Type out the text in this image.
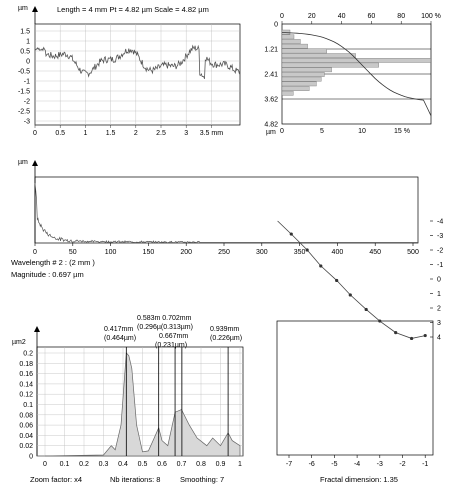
1.5
1
0.5
0
-0.5
-1
-1.5
-2
-2.5
-3
0	0.5	1	1.5	2	2.5	3 3.5 mm
0	20	40	60	80 100 %
0
1.21
2.41
3.62
4.82
0	5	10	15 %
0	50	100	150	200	250	300	350	400	450	500
0.2
0.18
0.16
0.14
0.12
0.1
0.08
0.06
0.04
0.02
0
0 0.1 0.2 0.3 0.4 0.5 0.6 0.7 0.8 0.9 1
4
3
2
1
0
-1
-2
-3
-4
-7 -6 -5 -4 -3 -2 -1
Length = 4 mm Pt = 4.82 µm Scale = 4.82 µm
µm
µm
µm
Wavelength # 2 : (2 mm )
Magnitude : 0.697 µm
µm2
0.417mm
(0.464µm)
0.583m 0.702mm
(0.296µ(0.313µm)
0.667mm
(0.231µm)
0.939mm
(0.226µm)
Zoom factor: x4	Nb iterations: 8	Smoothing: 7	Fractal dimension: 1.35
